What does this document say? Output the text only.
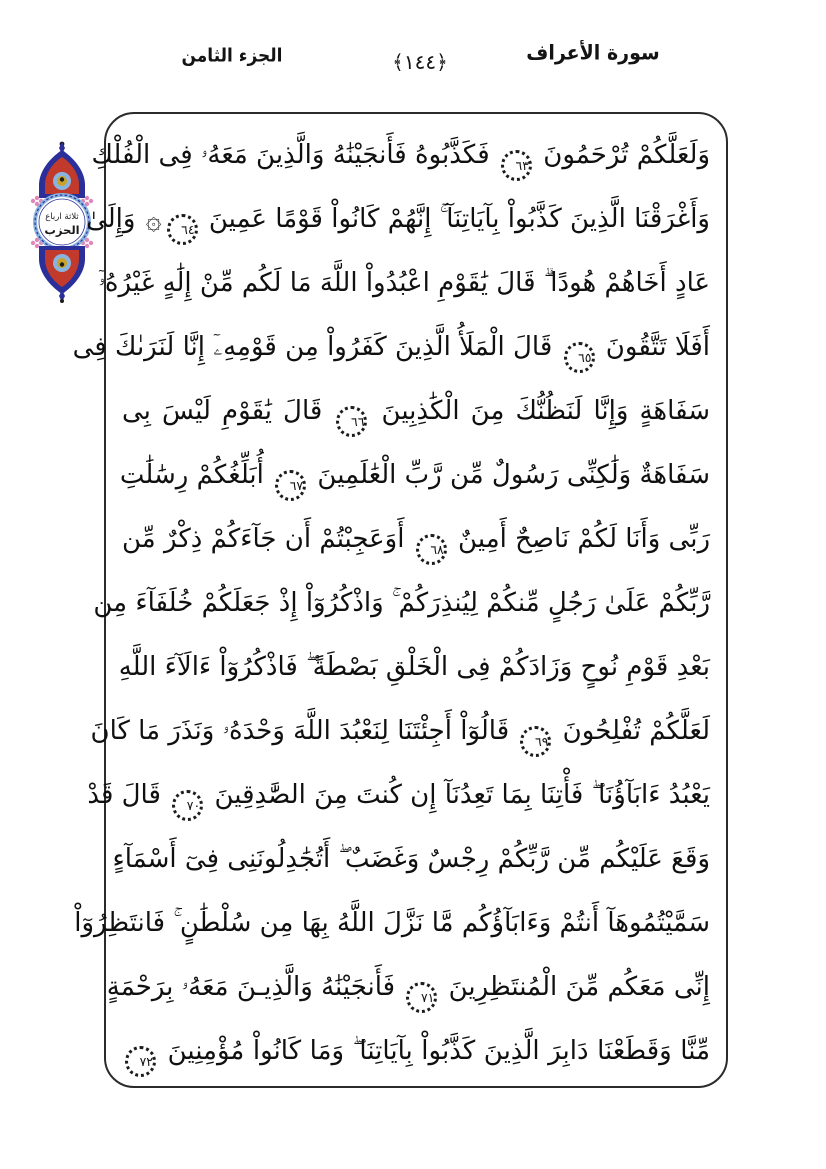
الجزء الثامن	﴿١٤٤﴾	سورة الأعراف
ثلاثة ارباع
الحزب
وَلَعَلَّكُمْ تُرْحَمُونَ
٦٣
فَكَذَّبُوهُ فَأَنجَيْنَٰهُ وَالَّذِينَ مَعَهُۥ فِى الْفُلْكِ
وَأَغْرَقْنَا الَّذِينَ كَذَّبُواْ بِآيَاتِنَآ ۚ إِنَّهُمْ كَانُواْ قَوْمًا عَمِينَ
٦٤
۞ وَإِلَىٰ
عَادٍ أَخَاهُمْ هُودًا ۗ قَالَ يَٰقَوْمِ اعْبُدُواْ اللَّهَ مَا لَكُم مِّنْ إِلَٰهٍ غَيْرُهُۥٓ
أَفَلَا تَتَّقُونَ
٦٥
قَالَ الْمَلَأُ الَّذِينَ كَفَرُواْ مِن قَوْمِهِۦٓ إِنَّا لَنَرَىٰكَ فِى
سَفَاهَةٍ وَإِنَّا لَنَظُنُّكَ مِنَ الْكَٰذِبِينَ
٦٦
قَالَ يَٰقَوْمِ لَيْسَ بِى
سَفَاهَةٌ وَلَٰكِنِّى رَسُولٌ مِّن رَّبِّ الْعَٰلَمِينَ
٦٧
أُبَلِّغُكُمْ رِسَٰلَٰتِ
رَبِّى وَأَنَا لَكُمْ نَاصِحٌ أَمِينٌ
٦٨
أَوَعَجِبْتُمْ أَن جَآءَكُمْ ذِكْرٌ مِّن
رَّبِّكُمْ عَلَىٰ رَجُلٍ مِّنكُمْ لِيُنذِرَكُمْ ۚ وَاذْكُرُوٓاْ إِذْ جَعَلَكُمْ خُلَفَآءَ مِن
بَعْدِ قَوْمِ نُوحٍ وَزَادَكُمْ فِى الْخَلْقِ بَصْطَةً ۖ فَاذْكُرُوٓاْ ءَالَآءَ اللَّهِ
لَعَلَّكُمْ تُفْلِحُونَ
٦٩
قَالُوٓاْ أَجِئْتَنَا لِنَعْبُدَ اللَّهَ وَحْدَهُۥ وَنَذَرَ مَا كَانَ
يَعْبُدُ ءَابَآؤُنَا ۖ فَأْتِنَا بِمَا تَعِدُنَآ إِن كُنتَ مِنَ الصَّٰدِقِينَ
٧٠
قَالَ قَدْ
وَقَعَ عَلَيْكُم مِّن رَّبِّكُمْ رِجْسٌ وَغَضَبٌ ۖ أَتُجَٰدِلُونَنِى فِىٓ أَسْمَآءٍ
سَمَّيْتُمُوهَآ أَنتُمْ وَءَابَآؤُكُم مَّا نَزَّلَ اللَّهُ بِهَا مِن سُلْطَٰنٍ ۚ فَانتَظِرُوٓاْ
إِنِّى مَعَكُم مِّنَ الْمُنتَظِرِينَ
٧١
فَأَنجَيْنَٰهُ وَالَّذِيـنَ مَعَهُۥ بِرَحْمَةٍ
مِّنَّا وَقَطَعْنَا دَابِرَ الَّذِينَ كَذَّبُواْ بِآيَاتِنَا ۖ وَمَا كَانُواْ مُؤْمِنِينَ
٧٢
